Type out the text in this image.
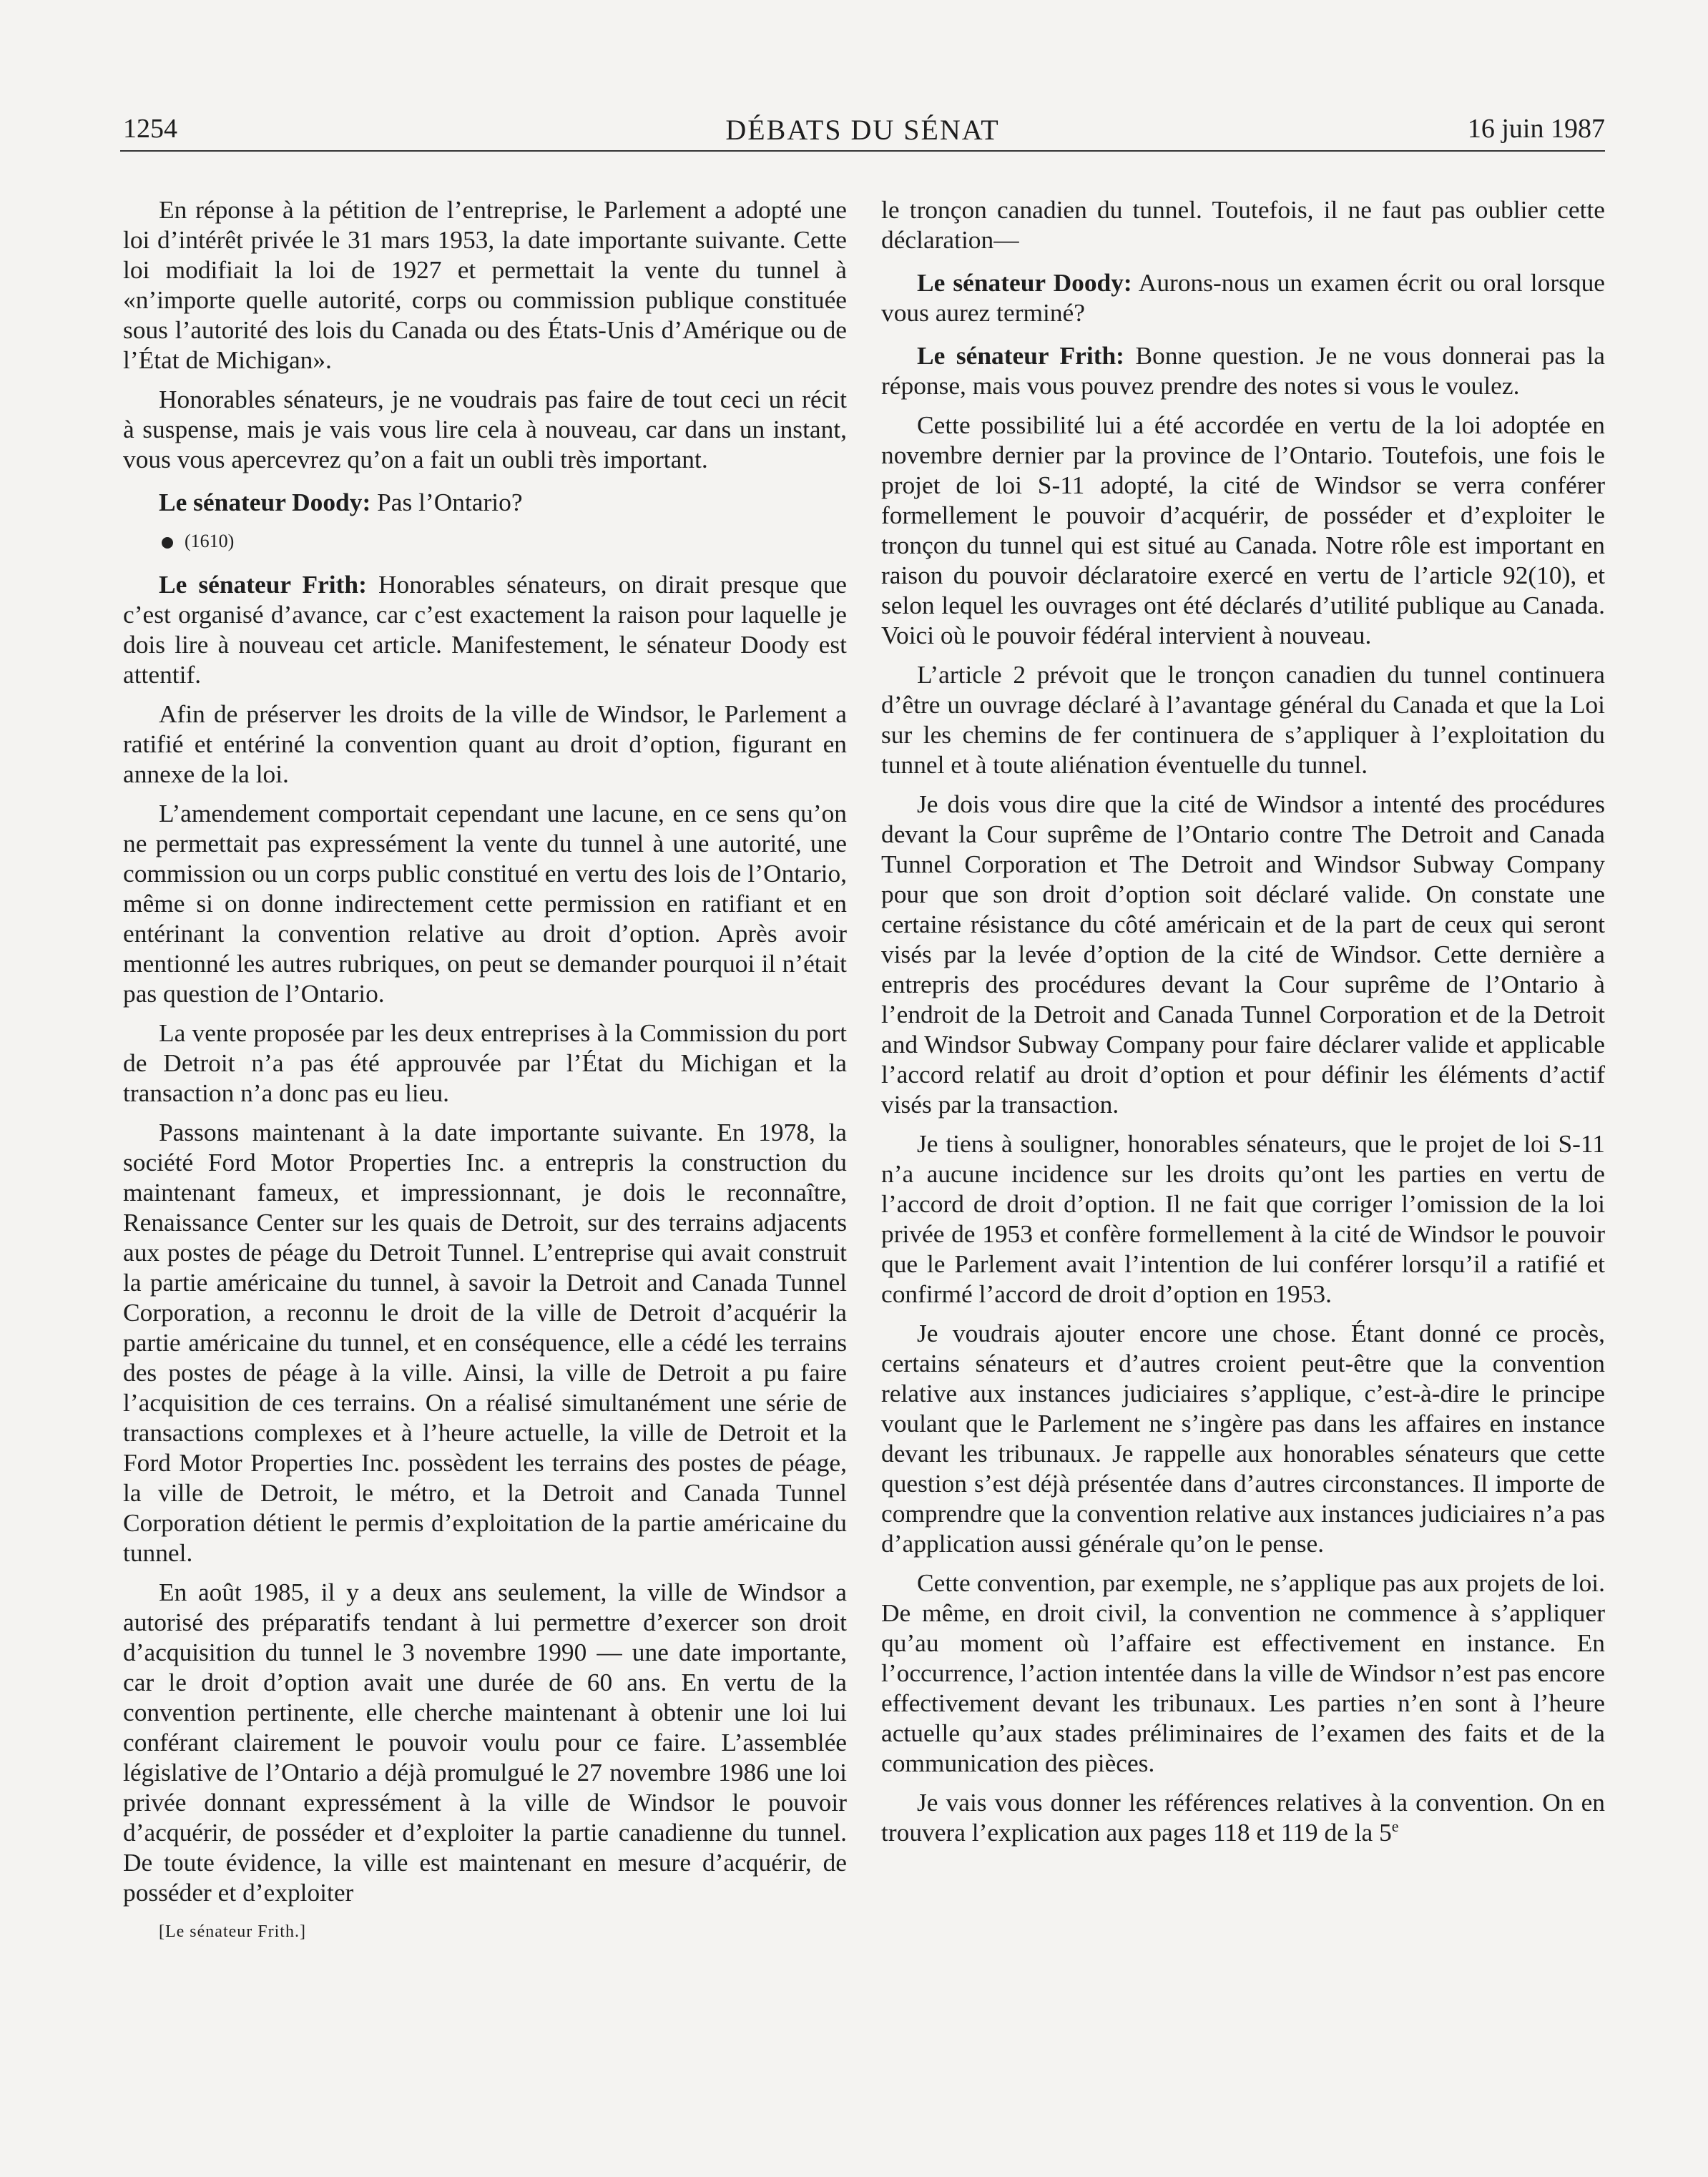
1254	DÉBATS DU SÉNAT	16 juin 1987

En réponse à la pétition de l’entreprise, le Parlement a adopté une loi d’intérêt privée le 31 mars 1953, la date importante suivante. Cette loi modifiait la loi de 1927 et permettait la vente du tunnel à «n’importe quelle autorité, corps ou commission publique constituée sous l’autorité des lois du Canada ou des États-Unis d’Amérique ou de l’État de Michigan».

Honorables sénateurs, je ne voudrais pas faire de tout ceci un récit à suspense, mais je vais vous lire cela à nouveau, car dans un instant, vous vous apercevrez qu’on a fait un oubli très important.

Le sénateur Doody: Pas l’Ontario?

(1610)

Le sénateur Frith: Honorables sénateurs, on dirait presque que c’est organisé d’avance, car c’est exactement la raison pour laquelle je dois lire à nouveau cet article. Manifestement, le sénateur Doody est attentif.

Afin de préserver les droits de la ville de Windsor, le Parlement a ratifié et entériné la convention quant au droit d’option, figurant en annexe de la loi.

L’amendement comportait cependant une lacune, en ce sens qu’on ne permettait pas expressément la vente du tunnel à une autorité, une commission ou un corps public constitué en vertu des lois de l’Ontario, même si on donne indirectement cette permission en ratifiant et en entérinant la convention relative au droit d’option. Après avoir mentionné les autres rubriques, on peut se demander pourquoi il n’était pas question de l’Ontario.

La vente proposée par les deux entreprises à la Commission du port de Detroit n’a pas été approuvée par l’État du Michigan et la transaction n’a donc pas eu lieu.

Passons maintenant à la date importante suivante. En 1978, la société Ford Motor Properties Inc. a entrepris la construction du maintenant fameux, et impressionnant, je dois le reconnaître, Renaissance Center sur les quais de Detroit, sur des terrains adjacents aux postes de péage du Detroit Tunnel. L’entreprise qui avait construit la partie américaine du tunnel, à savoir la Detroit and Canada Tunnel Corporation, a reconnu le droit de la ville de Detroit d’acquérir la partie américaine du tunnel, et en conséquence, elle a cédé les terrains des postes de péage à la ville. Ainsi, la ville de Detroit a pu faire l’acquisition de ces terrains. On a réalisé simultanément une série de transactions complexes et à l’heure actuelle, la ville de Detroit et la Ford Motor Properties Inc. possèdent les terrains des postes de péage, la ville de Detroit, le métro, et la Detroit and Canada Tunnel Corporation détient le permis d’exploitation de la partie américaine du tunnel.

En août 1985, il y a deux ans seulement, la ville de Windsor a autorisé des préparatifs tendant à lui permettre d’exercer son droit d’acquisition du tunnel le 3 novembre 1990 — une date importante, car le droit d’option avait une durée de 60 ans. En vertu de la convention pertinente, elle cherche maintenant à obtenir une loi lui conférant clairement le pouvoir voulu pour ce faire. L’assemblée législative de l’Ontario a déjà promulgué le 27 novembre 1986 une loi privée donnant expressément à la ville de Windsor le pouvoir d’acquérir, de posséder et d’exploiter la partie canadienne du tunnel. De toute évidence, la ville est maintenant en mesure d’acquérir, de posséder et d’exploiter

[Le sénateur Frith.]

le tronçon canadien du tunnel. Toutefois, il ne faut pas oublier cette déclaration—

Le sénateur Doody: Aurons-nous un examen écrit ou oral lorsque vous aurez terminé?

Le sénateur Frith: Bonne question. Je ne vous donnerai pas la réponse, mais vous pouvez prendre des notes si vous le voulez.

Cette possibilité lui a été accordée en vertu de la loi adoptée en novembre dernier par la province de l’Ontario. Toutefois, une fois le projet de loi S-11 adopté, la cité de Windsor se verra conférer formellement le pouvoir d’acquérir, de posséder et d’exploiter le tronçon du tunnel qui est situé au Canada. Notre rôle est important en raison du pouvoir déclaratoire exercé en vertu de l’article 92(10), et selon lequel les ouvrages ont été déclarés d’utilité publique au Canada. Voici où le pouvoir fédéral intervient à nouveau.

L’article 2 prévoit que le tronçon canadien du tunnel continuera d’être un ouvrage déclaré à l’avantage général du Canada et que la Loi sur les chemins de fer continuera de s’appliquer à l’exploitation du tunnel et à toute aliénation éventuelle du tunnel.

Je dois vous dire que la cité de Windsor a intenté des procédures devant la Cour suprême de l’Ontario contre The Detroit and Canada Tunnel Corporation et The Detroit and Windsor Subway Company pour que son droit d’option soit déclaré valide. On constate une certaine résistance du côté américain et de la part de ceux qui seront visés par la levée d’option de la cité de Windsor. Cette dernière a entrepris des procédures devant la Cour suprême de l’Ontario à l’endroit de la Detroit and Canada Tunnel Corporation et de la Detroit and Windsor Subway Company pour faire déclarer valide et applicable l’accord relatif au droit d’option et pour définir les éléments d’actif visés par la transaction.

Je tiens à souligner, honorables sénateurs, que le projet de loi S-11 n’a aucune incidence sur les droits qu’ont les parties en vertu de l’accord de droit d’option. Il ne fait que corriger l’omission de la loi privée de 1953 et confère formellement à la cité de Windsor le pouvoir que le Parlement avait l’intention de lui conférer lorsqu’il a ratifié et confirmé l’accord de droit d’option en 1953.

Je voudrais ajouter encore une chose. Étant donné ce procès, certains sénateurs et d’autres croient peut-être que la convention relative aux instances judiciaires s’applique, c’est-à-dire le principe voulant que le Parlement ne s’ingère pas dans les affaires en instance devant les tribunaux. Je rappelle aux honorables sénateurs que cette question s’est déjà présentée dans d’autres circonstances. Il importe de comprendre que la convention relative aux instances judiciaires n’a pas d’application aussi générale qu’on le pense.

Cette convention, par exemple, ne s’applique pas aux projets de loi. De même, en droit civil, la convention ne commence à s’appliquer qu’au moment où l’affaire est effectivement en instance. En l’occurrence, l’action intentée dans la ville de Windsor n’est pas encore effectivement devant les tribunaux. Les parties n’en sont à l’heure actuelle qu’aux stades préliminaires de l’examen des faits et de la communication des pièces.

Je vais vous donner les références relatives à la convention. On en trouvera l’explication aux pages 118 et 119 de la 5e
